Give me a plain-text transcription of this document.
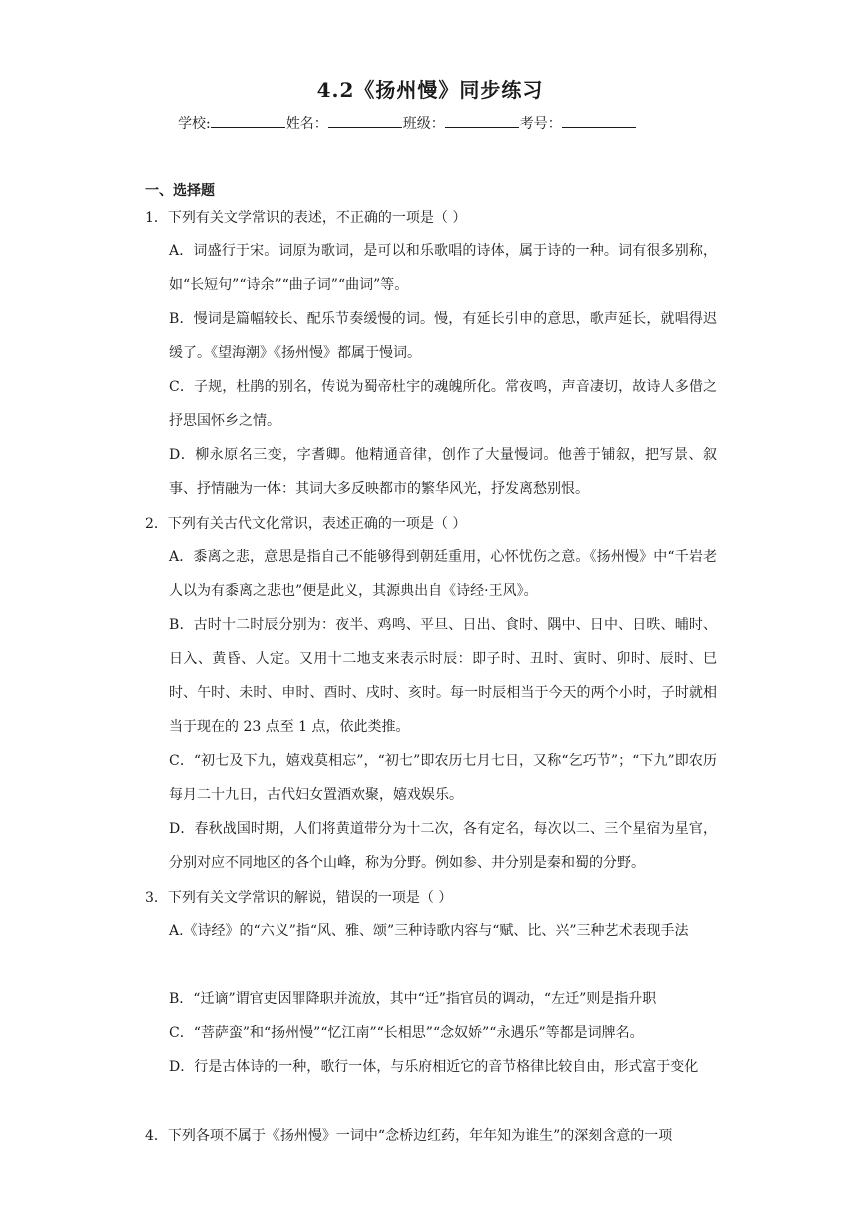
4.2《扬州慢》同步练习
学校:	姓名：	班级：	考号：
一、选择题
1．下列有关文学常识的表述，不正确的一项是（ ）
A．词盛行于宋。词原为歌词，是可以和乐歌唱的诗体，属于诗的一种。词有很多别称，如“长短句”“诗余”“曲子词”“曲词”等。
B．慢词是篇幅较长、配乐节奏缓慢的词。慢，有延长引申的意思，歌声延长，就唱得迟缓了。《望海潮》《扬州慢》都属于慢词。
C．子规，杜鹃的别名，传说为蜀帝杜宇的魂魄所化。常夜鸣，声音凄切，故诗人多借之抒思国怀乡之情。
D．柳永原名三变，字耆卿。他精通音律，创作了大量慢词。他善于铺叙，把写景、叙事、抒情融为一体：其词大多反映都市的繁华风光，抒发离愁别恨。
2．下列有关古代文化常识，表述正确的一项是（ ）
A．黍离之悲，意思是指自己不能够得到朝廷重用，心怀忧伤之意。《扬州慢》中“千岩老人以为有黍离之悲也”便是此义，其源典出自《诗经·王风》。
B．古时十二时辰分别为：夜半、鸡鸣、平旦、日出、食时、隅中、日中、日昳、晡时、日入、黄昏、人定。又用十二地支来表示时辰：即子时、丑时、寅时、卯时、辰时、巳时、午时、未时、申时、酉时、戌时、亥时。每一时辰相当于今天的两个小时，子时就相当于现在的 23 点至 1 点，依此类推。
C．“初七及下九，嬉戏莫相忘”，“初七”即农历七月七日，又称“乞巧节”；“下九”即农历每月二十九日，古代妇女置酒欢聚，嬉戏娱乐。
D．春秋战国时期，人们将黄道带分为十二次，各有定名，每次以二、三个星宿为星官，分别对应不同地区的各个山峰，称为分野。例如参、井分别是秦和蜀的分野。
3．下列有关文学常识的解说，错误的一项是（ ）
A.《诗经》的“六义”指“风、雅、颂”三种诗歌内容与“赋、比、兴”三种艺术表现手法
B．“迁谪”谓官吏因罪降职并流放，其中“迁”指官员的调动，“左迁”则是指升职
C．“菩萨蛮”和“扬州慢”“忆江南”“长相思”“念奴娇”“永遇乐”等都是词牌名。
D．行是古体诗的一种，歌行一体，与乐府相近它的音节格律比较自由，形式富于变化
4．下列各项不属于《扬州慢》一词中“念桥边红药，年年知为谁生”的深刻含意的一项
